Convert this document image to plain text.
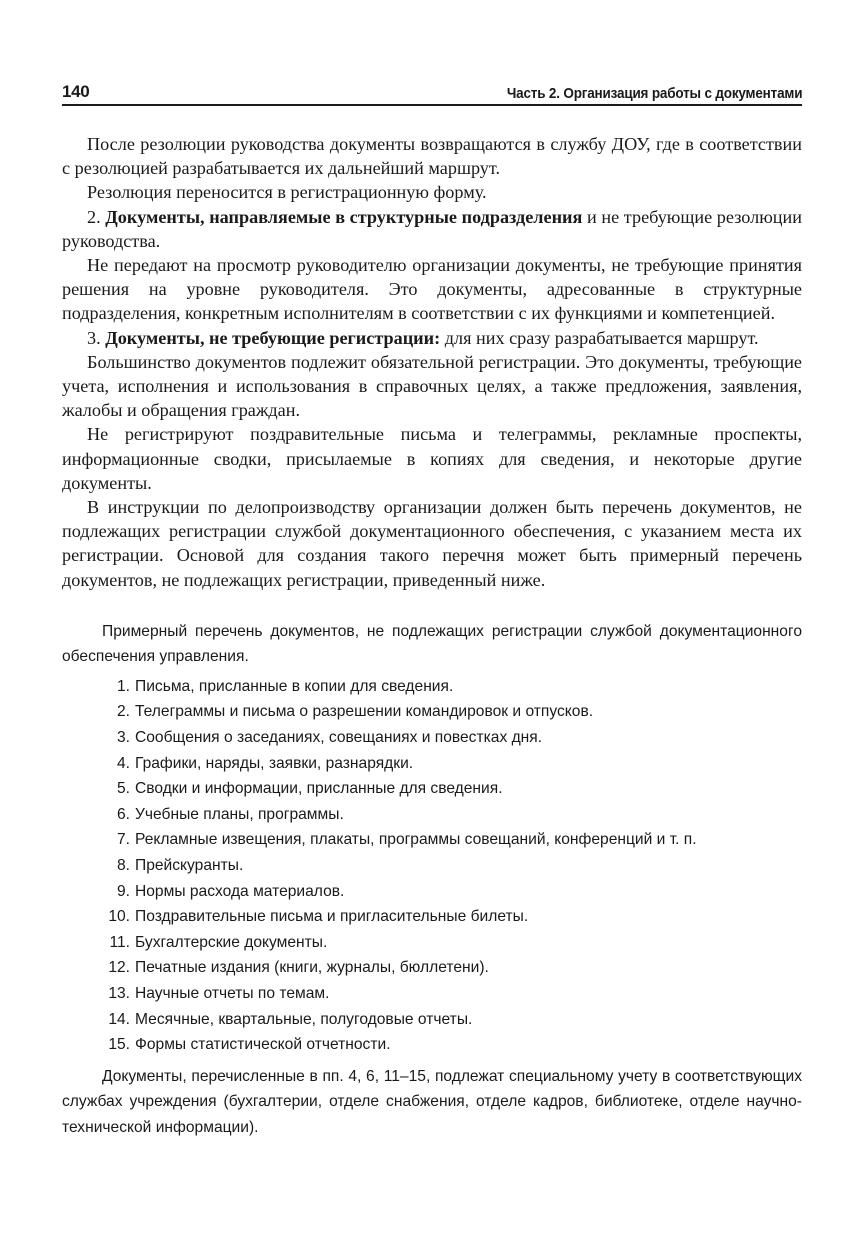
140	Часть 2. Организация работы с документами

После резолюции руководства документы возвращаются в службу ДОУ, где в соответствии с резолюцией разрабатывается их дальнейший маршрут.

Резолюция переносится в регистрационную форму.

2. Документы, направляемые в структурные подразделения и не требующие резолюции руководства.

Не передают на просмотр руководителю организации документы, не требующие принятия решения на уровне руководителя. Это документы, адресованные в структурные подразделения, конкретным исполнителям в соответствии с их функциями и компетенцией.

3. Документы, не требующие регистрации: для них сразу разрабатывается маршрут.

Большинство документов подлежит обязательной регистрации. Это документы, требующие учета, исполнения и использования в справочных целях, а также предложения, заявления, жалобы и обращения граждан.

Не регистрируют поздравительные письма и телеграммы, рекламные проспекты, информационные сводки, присылаемые в копиях для сведения, и некоторые другие документы.

В инструкции по делопроизводству организации должен быть перечень документов, не подлежащих регистрации службой документационного обеспечения, с указанием места их регистрации. Основой для создания такого перечня может быть примерный перечень документов, не подлежащих регистрации, приведенный ниже.

Примерный перечень документов, не подлежащих регистрации службой документационного обеспечения управления.

1. Письма, присланные в копии для сведения.
2. Телеграммы и письма о разрешении командировок и отпусков.
3. Сообщения о заседаниях, совещаниях и повестках дня.
4. Графики, наряды, заявки, разнарядки.
5. Сводки и информации, присланные для сведения.
6. Учебные планы, программы.
7. Рекламные извещения, плакаты, программы совещаний, конференций и т. п.
8. Прейскуранты.
9. Нормы расхода материалов.
10. Поздравительные письма и пригласительные билеты.
11. Бухгалтерские документы.
12. Печатные издания (книги, журналы, бюллетени).
13. Научные отчеты по темам.
14. Месячные, квартальные, полугодовые отчеты.
15. Формы статистической отчетности.

Документы, перечисленные в пп. 4, 6, 11–15, подлежат специальному учету в соответствующих службах учреждения (бухгалтерии, отделе снабжения, отделе кадров, библиотеке, отделе научно-технической информации).
